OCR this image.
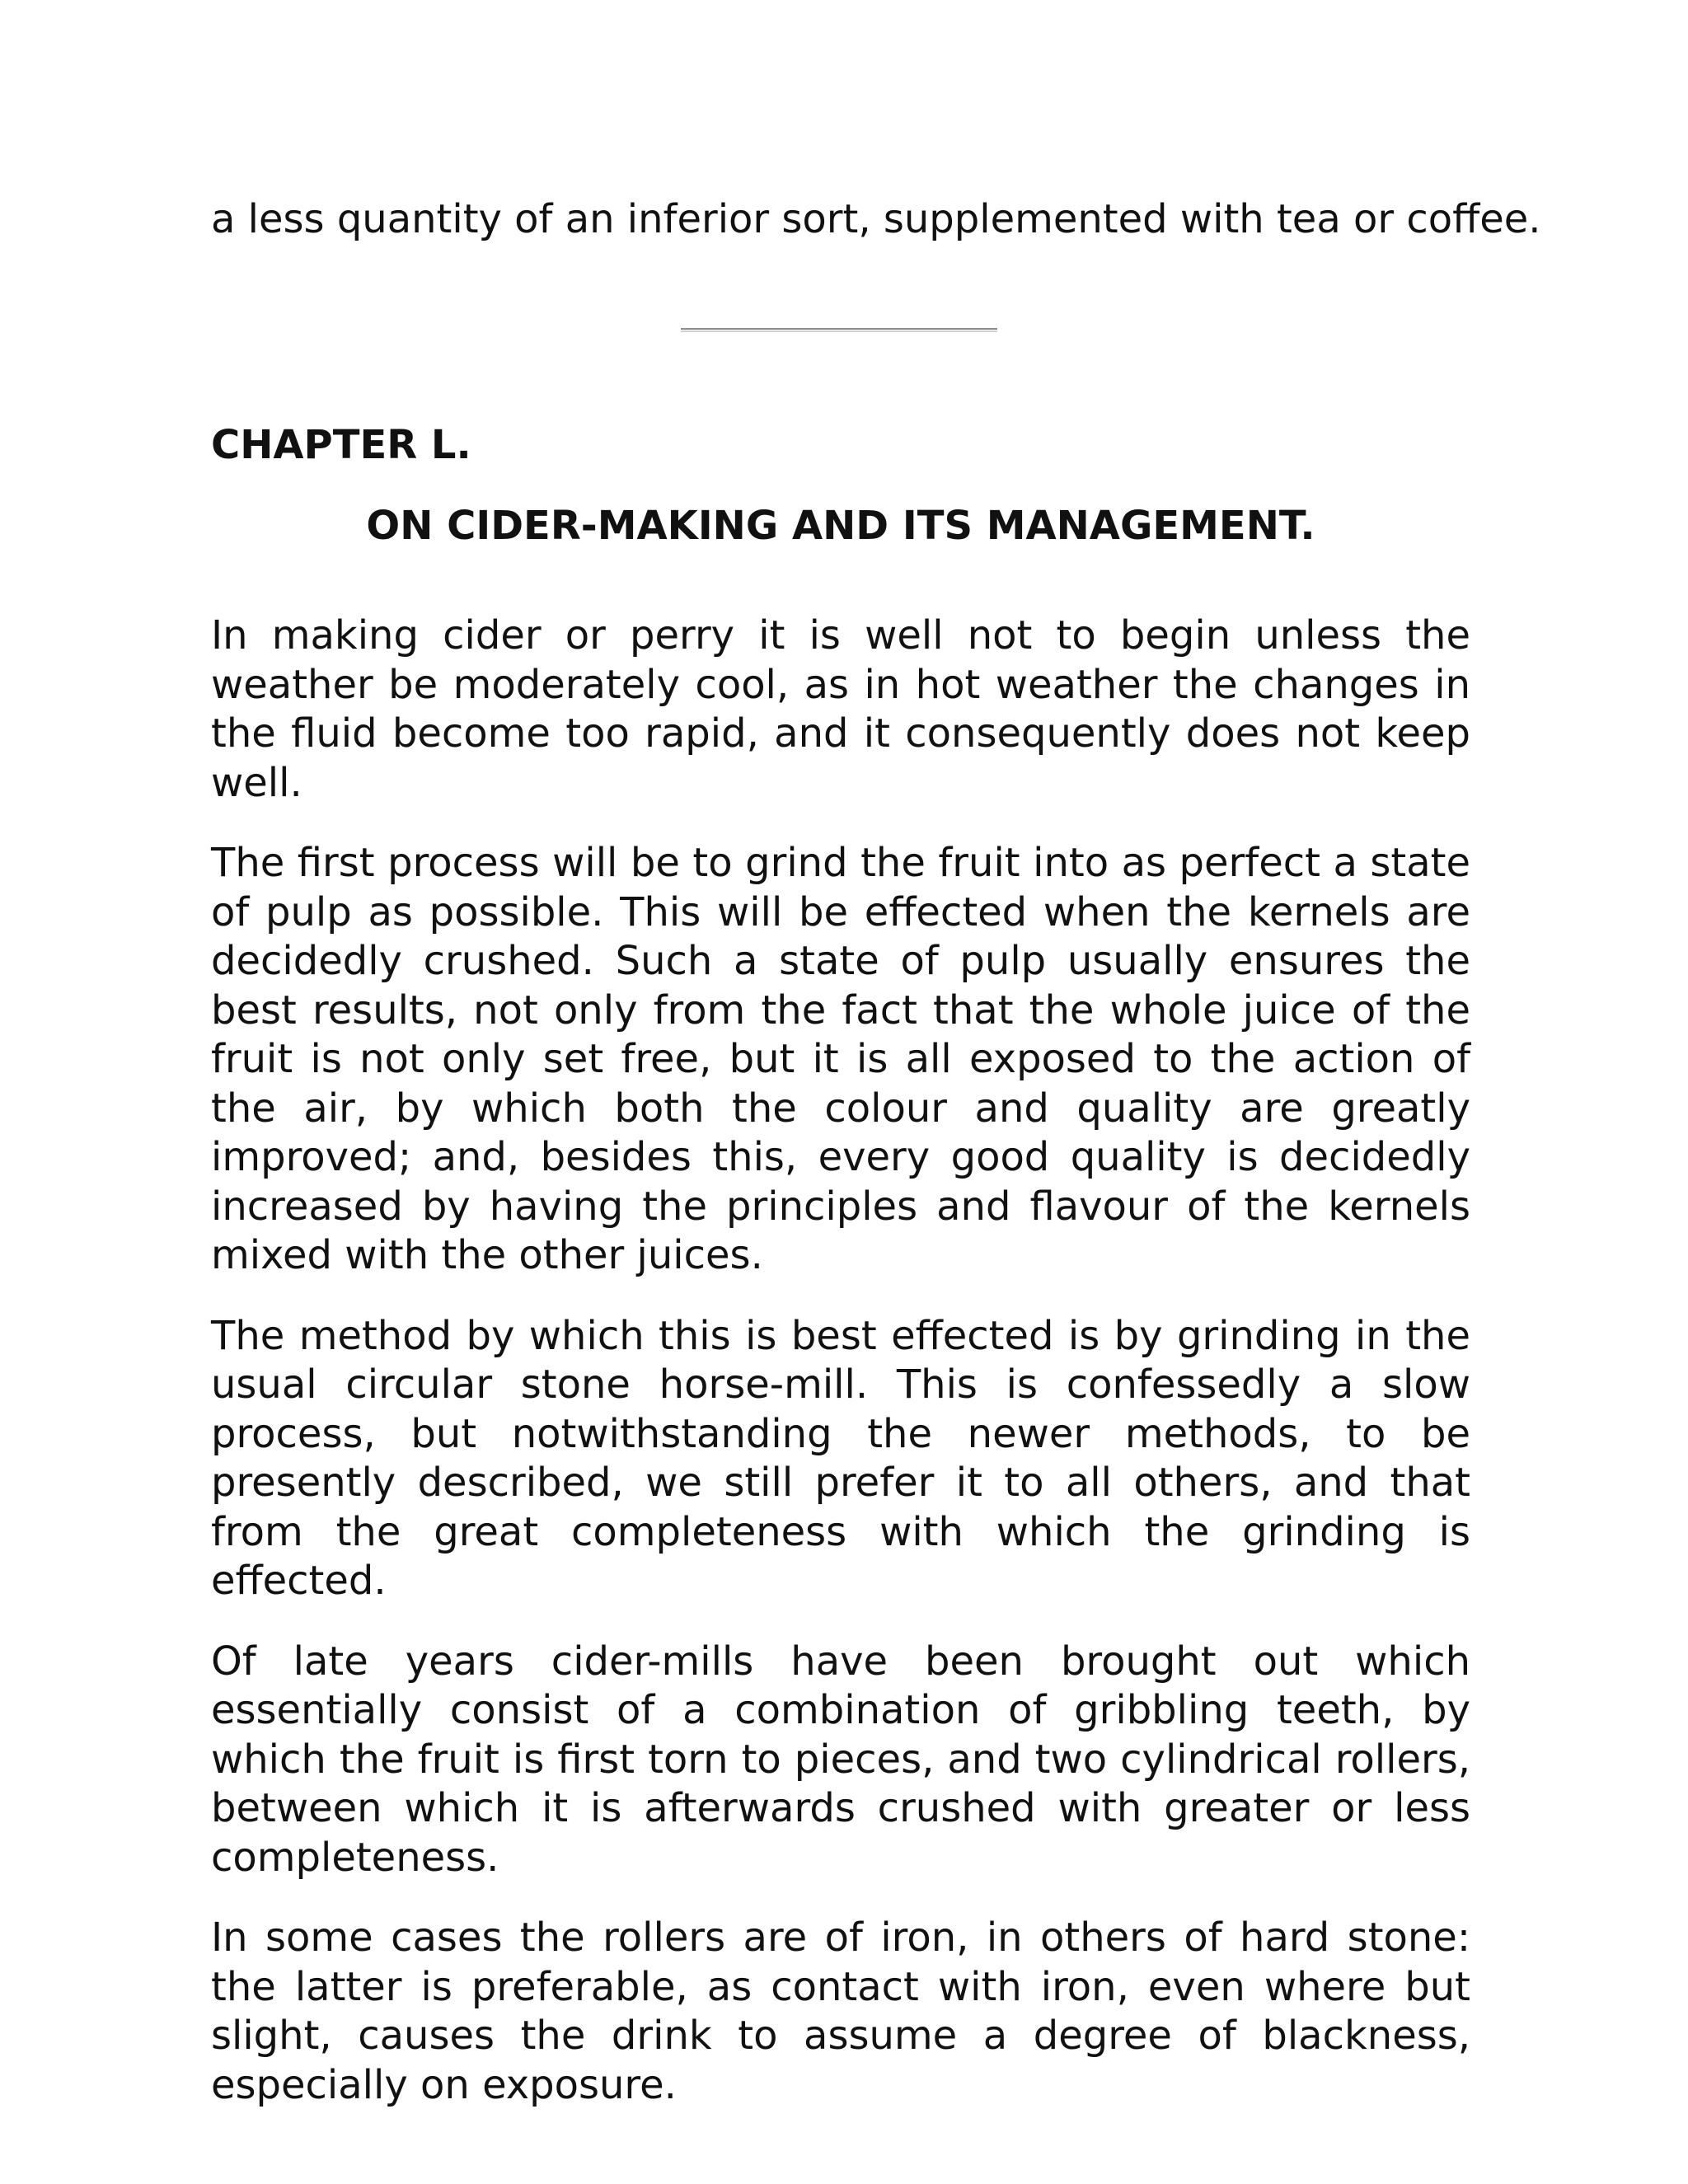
a less quantity of an inferior sort, supplemented with tea or coffee.

CHAPTER L.
ON CIDER-MAKING AND ITS MANAGEMENT.

In making cider or perry it is well not to begin unless the weather be moderately cool, as in hot weather the changes in the fluid become too rapid, and it consequently does not keep well.

The first process will be to grind the fruit into as perfect a state of pulp as possible. This will be effected when the kernels are decidedly crushed. Such a state of pulp usually ensures the best results, not only from the fact that the whole juice of the fruit is not only set free, but it is all exposed to the action of the air, by which both the colour and quality are greatly improved; and, besides this, every good quality is decidedly increased by having the principles and flavour of the kernels mixed with the other juices.

The method by which this is best effected is by grinding in the usual circular stone horse-mill. This is confessedly a slow process, but notwithstanding the newer methods, to be presently described, we still prefer it to all others, and that from the great completeness with which the grinding is effected.

Of late years cider-mills have been brought out which essentially consist of a combination of gribbling teeth, by which the fruit is first torn to pieces, and two cylindrical rollers, between which it is afterwards crushed with greater or less completeness.

In some cases the rollers are of iron, in others of hard stone: the latter is preferable, as contact with iron, even where but slight, causes the drink to assume a degree of blackness, especially on exposure.
